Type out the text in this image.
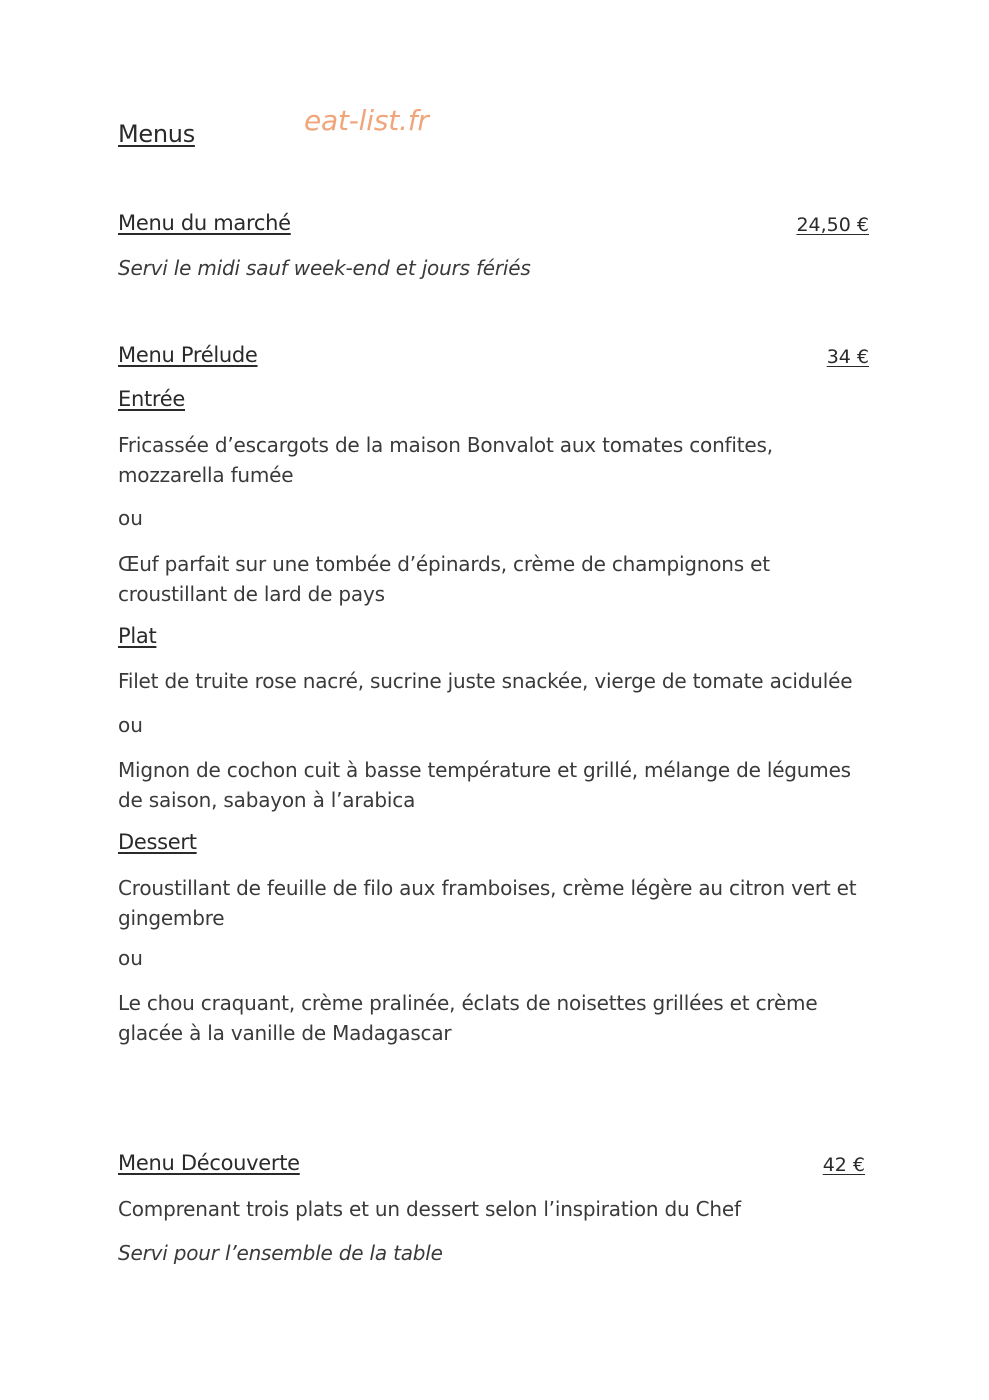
Menus	eat-list.fr
Menu du marché	24,50 €
Servi le midi sauf week-end et jours fériés
Menu Prélude	34 €
Entrée
Fricassée d’escargots de la maison Bonvalot aux tomates confites, mozzarella fumée
ou
Œuf parfait sur une tombée d’épinards, crème de champignons et croustillant de lard de pays
Plat
Filet de truite rose nacré, sucrine juste snackée, vierge de tomate acidulée
ou
Mignon de cochon cuit à basse température et grillé, mélange de légumes de saison, sabayon à l’arabica
Dessert
Croustillant de feuille de filo aux framboises, crème légère au citron vert et gingembre
ou
Le chou craquant, crème pralinée, éclats de noisettes grillées et crème glacée à la vanille de Madagascar
Menu Découverte	42 €
Comprenant trois plats et un dessert selon l’inspiration du Chef
Servi pour l’ensemble de la table
